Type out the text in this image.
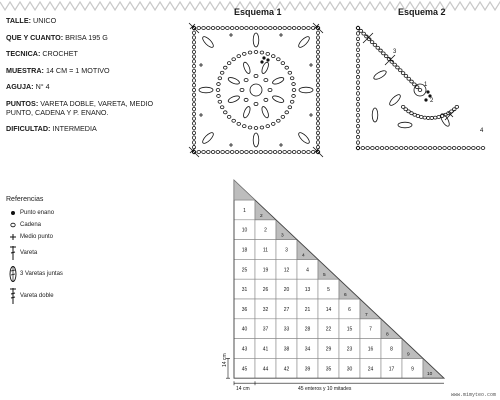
TALLE: UNICO
QUE Y CUANTO: BRISA 195 G
TECNICA: CROCHET
MUESTRA: 14 CM = 1 MOTIVO
AGUJA: N° 4
PUNTOS: VARETA DOBLE, VARETA, MEDIO PUNTO, CADENA Y P. ENANO.
DIFICULTAD: INTERMEDIA
Referencias
Punto enano
Cadena
Medio punto
Vareta
3 Varetas juntas
Vareta doble
Esquema 1	Esquema 2
3
1
2
4
1
10	2
18	11	3
25	19	12	4
31	26	20	13	5
36	32	27	21	14	6
40	37	33	28	22	15	7
43	41	38	34	29	23	16	8
45	44	42	39	35	30	24	17	9
2
3
4
5
6
7
8
9
10
14 cm
14 cm	45 enteros y 10 mitades
www.mimyteo.com
